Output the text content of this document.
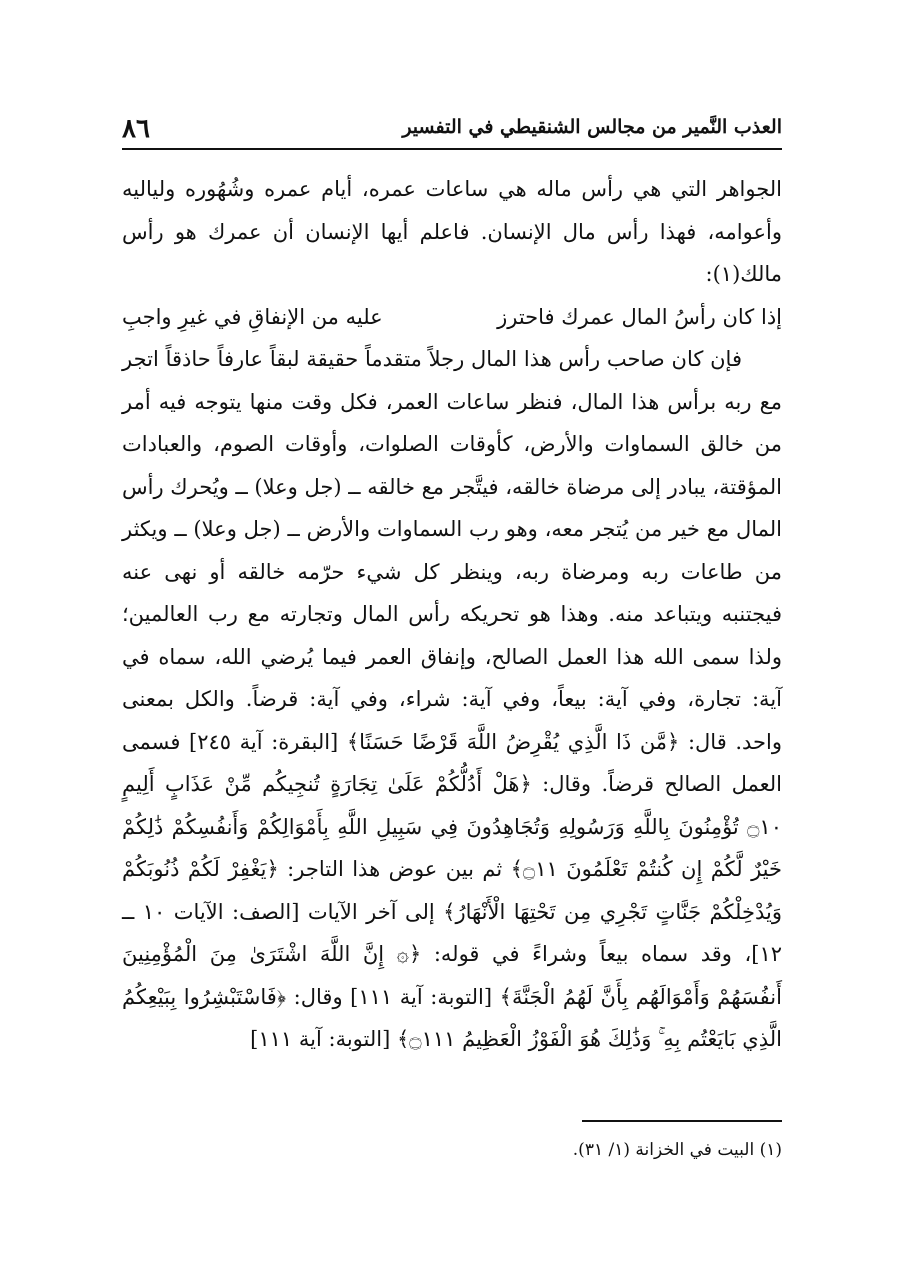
٨٦	العذب النَّمير من مجالس الشنقيطي في التفسير

الجواهر التي هي رأس ماله هي ساعات عمره، أيام عمره وشُهُوره ولياليه وأعوامه، فهذا رأس مال الإنسان. فاعلم أيها الإنسان أن عمرك هو رأس مالك(١):

إذا كان رأسُ المال عمرك فاحترز
عليه من الإنفاقِ في غيرِ واجبِ

فإن كان صاحب رأس هذا المال رجلاً متقدماً حقيقة لبقاً عارفاً حاذقاً اتجر مع ربه برأس هذا المال، فنظر ساعات العمر، فكل وقت منها يتوجه فيه أمر من خالق السماوات والأرض، كأوقات الصلوات، وأوقات الصوم، والعبادات المؤقتة، يبادر إلى مرضاة خالقه، فيتَّجر مع خالقه ــ (جل وعلا) ــ ويُحرك رأس المال مع خير من يُتجر معه، وهو رب السماوات والأرض ــ (جل وعلا) ــ ويكثر من طاعات ربه ومرضاة ربه، وينظر كل شيء حرّمه خالقه أو نهى عنه فيجتنبه ويتباعد منه. وهذا هو تحريكه رأس المال وتجارته مع رب العالمين؛ ولذا سمى الله هذا العمل الصالح، وإنفاق العمر فيما يُرضي الله، سماه في آية: تجارة، وفي آية: بيعاً، وفي آية: شراء، وفي آية: قرضاً. والكل بمعنى واحد. قال: ﴿مَّن ذَا الَّذِي يُقْرِضُ اللَّهَ قَرْضًا حَسَنًا﴾ [البقرة: آية ٢٤٥] فسمى العمل الصالح قرضاً. وقال: ﴿هَلْ أَدُلُّكُمْ عَلَىٰ تِجَارَةٍ تُنجِيكُم مِّنْ عَذَابٍ أَلِيمٍ ۝١٠ تُؤْمِنُونَ بِاللَّهِ وَرَسُولِهِ وَتُجَاهِدُونَ فِي سَبِيلِ اللَّهِ بِأَمْوَالِكُمْ وَأَنفُسِكُمْ ذَٰلِكُمْ خَيْرٌ لَّكُمْ إِن كُنتُمْ تَعْلَمُونَ ۝١١﴾ ثم بين عوض هذا التاجر: ﴿يَغْفِرْ لَكُمْ ذُنُوبَكُمْ وَيُدْخِلْكُمْ جَنَّاتٍ تَجْرِي مِن تَحْتِهَا الْأَنْهَارُ﴾ إلى آخر الآيات [الصف: الآيات ١٠ ــ ١٢]، وقد سماه بيعاً وشراءً في قوله: ﴿۞ إِنَّ اللَّهَ اشْتَرَىٰ مِنَ الْمُؤْمِنِينَ أَنفُسَهُمْ وَأَمْوَالَهُم بِأَنَّ لَهُمُ الْجَنَّةَ﴾ [التوبة: آية ١١١] وقال: ﴿فَاسْتَبْشِرُوا بِبَيْعِكُمُ الَّذِي بَايَعْتُم بِهِ ۚ وَذَٰلِكَ هُوَ الْفَوْزُ الْعَظِيمُ ۝١١١﴾ [التوبة: آية ١١١]

(١) البيت في الخزانة (١/ ٣١).
